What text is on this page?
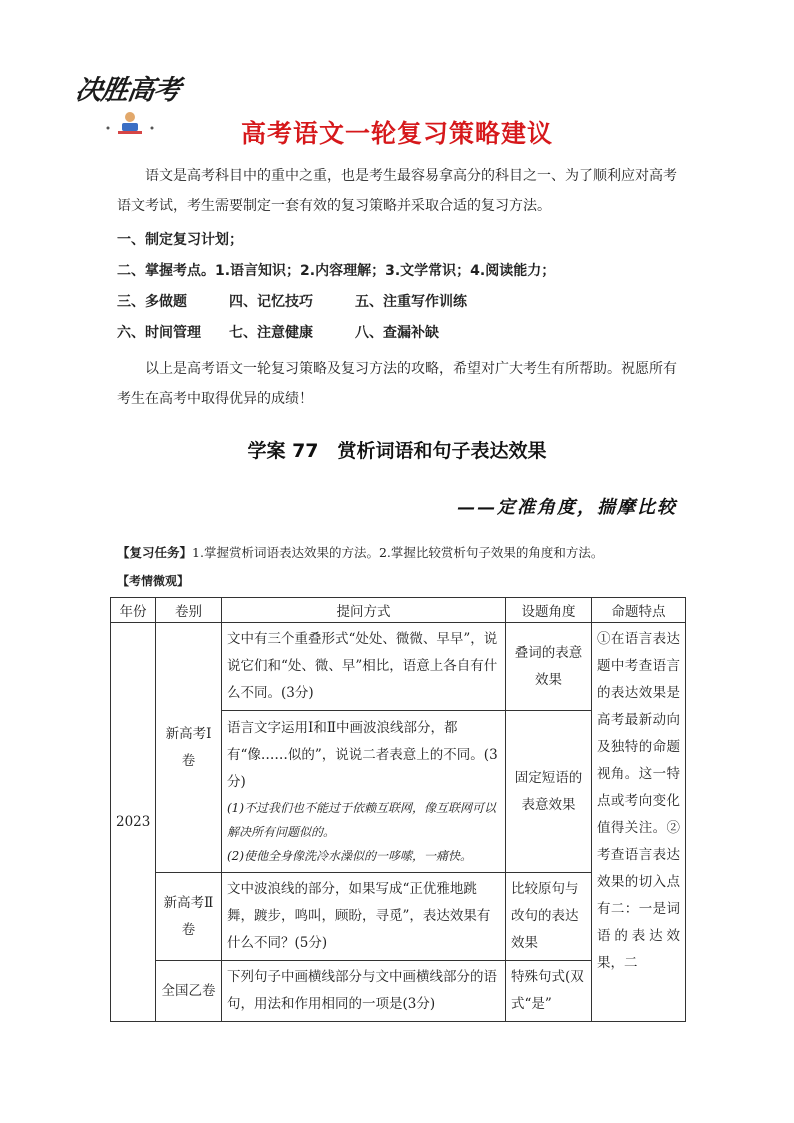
决胜高考
高考语文一轮复习策略建议

语文是高考科目中的重中之重，也是考生最容易拿高分的科目之一、为了顺利应对高考语文考试，考生需要制定一套有效的复习策略并采取合适的复习方法。

一、制定复习计划；
二、掌握考点。1.语言知识；2.内容理解；3.文学常识；4.阅读能力；
三、多做题	四、记忆技巧	五、注重写作训练
六、时间管理 七、注意健康	八、查漏补缺

以上是高考语文一轮复习策略及复习方法的攻略，希望对广大考生有所帮助。祝愿所有考生在高考中取得优异的成绩！

学案 77　赏析词语和句子表达效果
——定准角度，揣摩比较
【复习任务】1.掌握赏析词语表达效果的方法。2.掌握比较赏析句子效果的角度和方法。
【考情微观】
年份	卷别	提问方式	设题角度	命题特点
2023	新高考Ⅰ卷	文中有三个重叠形式“处处、微微、早早”，说说它们和“处、微、早”相比，语意上各自有什么不同。(3分)	叠词的表意效果	①在语言表达题中考查语言的表达效果是高考最新动向及独特的命题视角。这一特点或考向变化值得关注。②考查语言表达效果的切入点有二：一是词语的表达效果，二

		语言文字运用Ⅰ和Ⅱ中画波浪线部分，都有“像……似的”，说说二者表意上的不同。(3分)
(1)不过我们也不能过于依赖互联网，像互联网可以解决所有问题似的。
(2)使他全身像洗冷水澡似的一哆嗦，一痛快。	固定短语的表意效果	
	新高考Ⅱ卷	文中波浪线的部分，如果写成“正优雅地跳舞，踱步，鸣叫，顾盼，寻觅”，表达效果有什么不同？(5分)	比较原句与改句的表达效果	
	全国乙卷	下列句子中画横线部分与文中画横线部分的语句，用法和作用相同的一项是(3分)	特殊句式(双式“是”	
